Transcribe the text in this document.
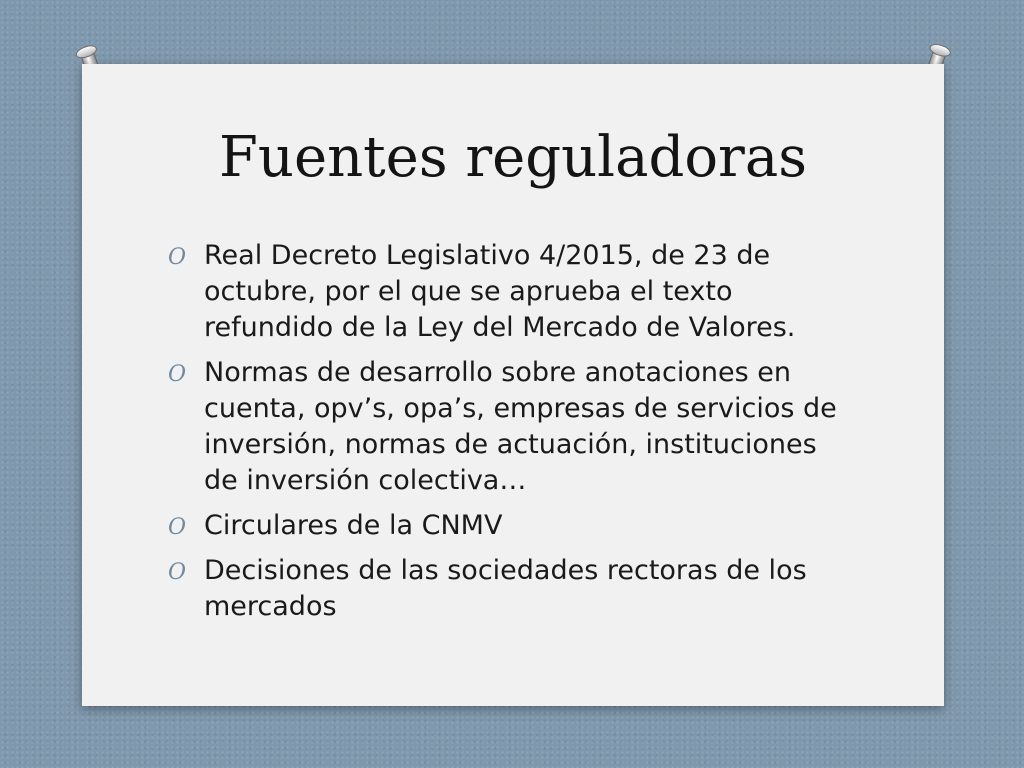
Fuentes reguladoras
O Real Decreto Legislativo 4/2015, de 23 de octubre, por el que se aprueba el texto refundido de la Ley del Mercado de Valores.
O Normas de desarrollo sobre anotaciones en cuenta, opv’s, opa’s, empresas de servicios de inversión, normas de actuación, instituciones de inversión colectiva…
O Circulares de la CNMV
O Decisiones de las sociedades rectoras de los mercados
